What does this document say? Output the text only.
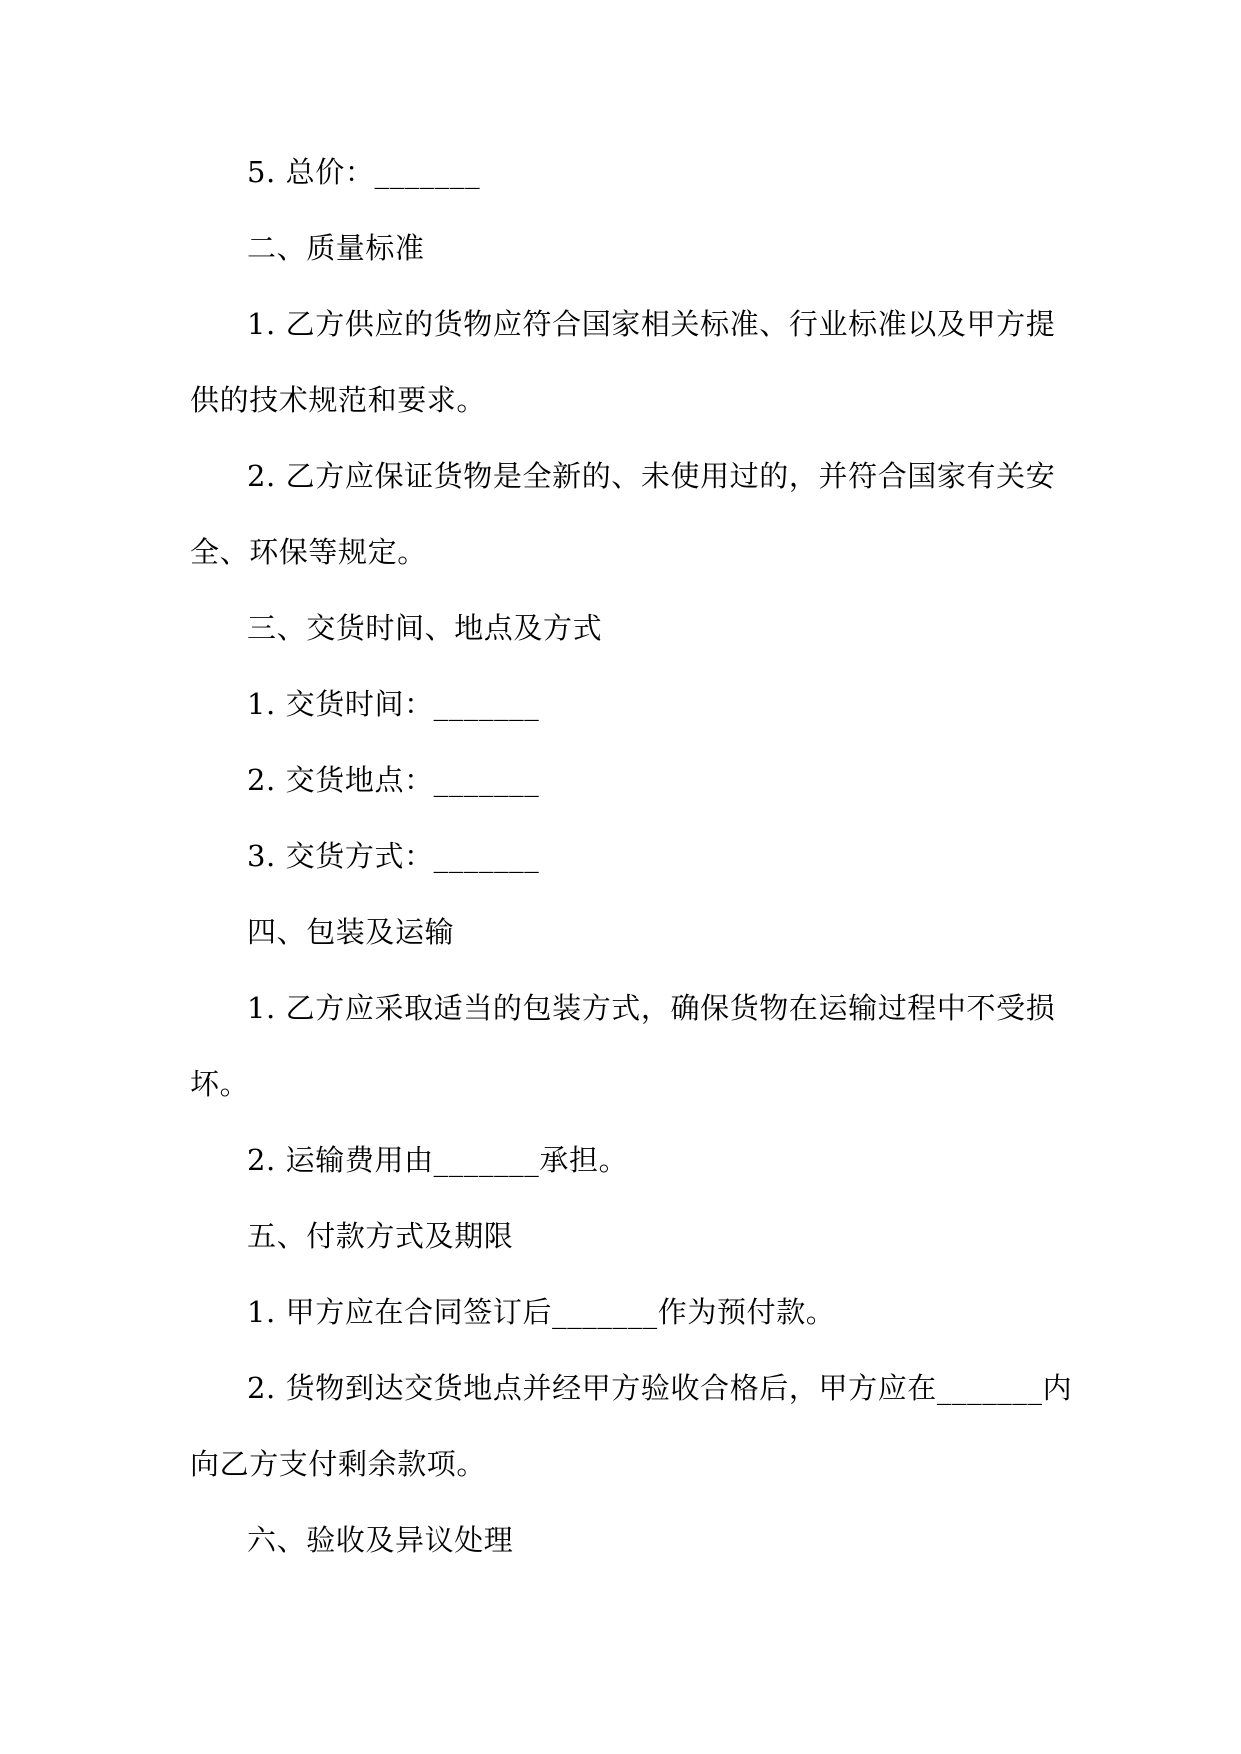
5. 总价：_______
二、质量标准
1. 乙方供应的货物应符合国家相关标准、行业标准以及甲方提
供的技术规范和要求。
2. 乙方应保证货物是全新的、未使用过的，并符合国家有关安
全、环保等规定。
三、交货时间、地点及方式
1. 交货时间：_______
2. 交货地点：_______
3. 交货方式：_______
四、包装及运输
1. 乙方应采取适当的包装方式，确保货物在运输过程中不受损
坏。
2. 运输费用由_______承担。
五、付款方式及期限
1. 甲方应在合同签订后_______作为预付款。
2. 货物到达交货地点并经甲方验收合格后，甲方应在_______内
向乙方支付剩余款项。
六、验收及异议处理
